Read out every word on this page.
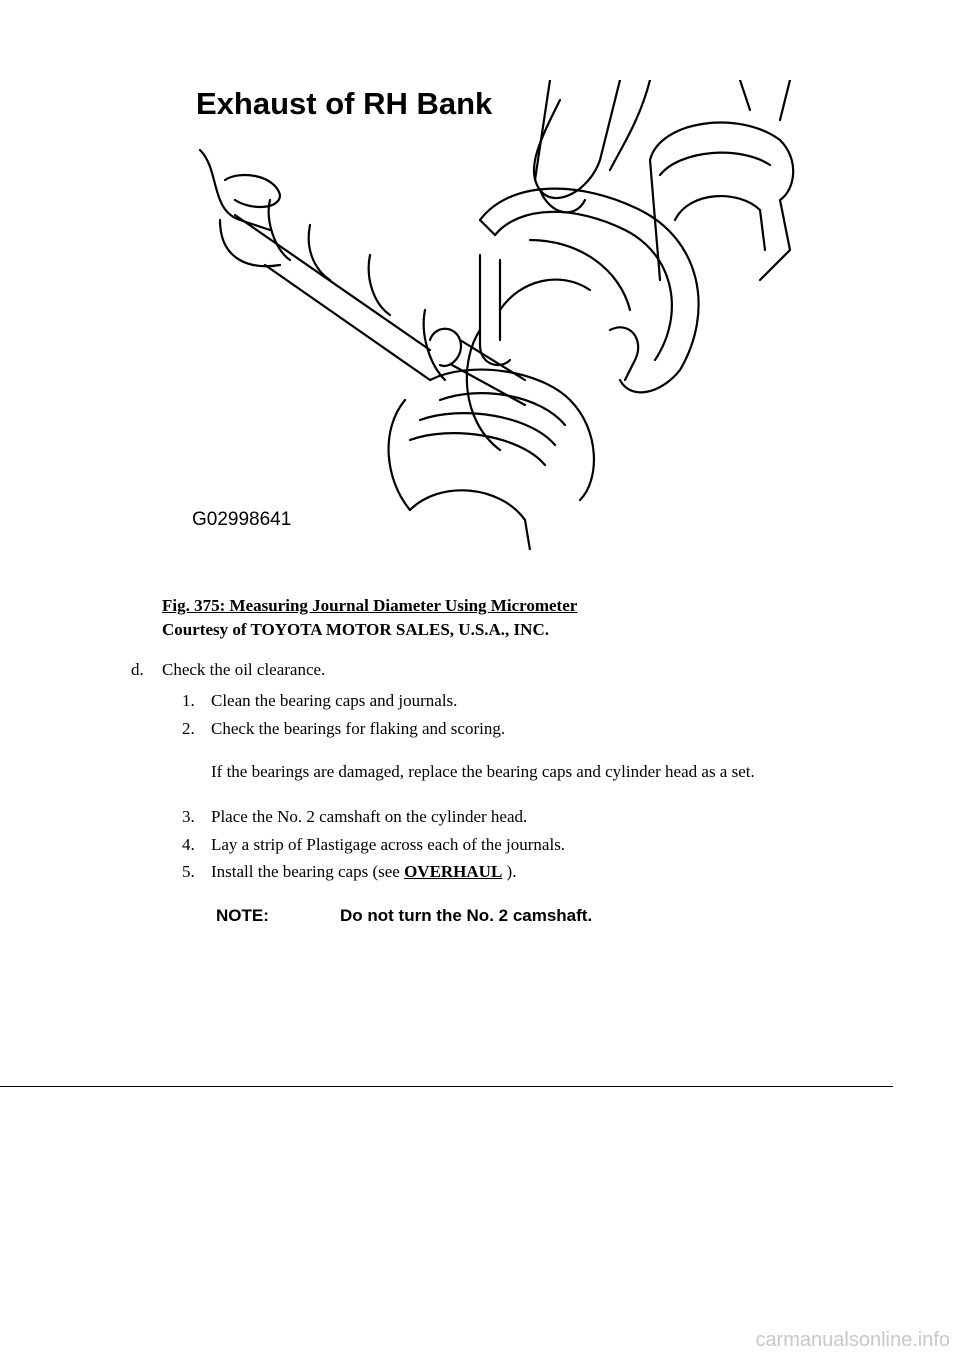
Exhaust of RH Bank
G02998641
Fig. 375: Measuring Journal Diameter Using Micrometer
Courtesy of TOYOTA MOTOR SALES, U.S.A., INC.
d. Check the oil clearance.
1. Clean the bearing caps and journals.
2. Check the bearings for flaking and scoring.
If the bearings are damaged, replace the bearing caps and cylinder head as a set.
3. Place the No. 2 camshaft on the cylinder head.
4. Lay a strip of Plastigage across each of the journals.
5. Install the bearing caps (see OVERHAUL ).
NOTE:	Do not turn the No. 2 camshaft.
carmanualsonline.info
